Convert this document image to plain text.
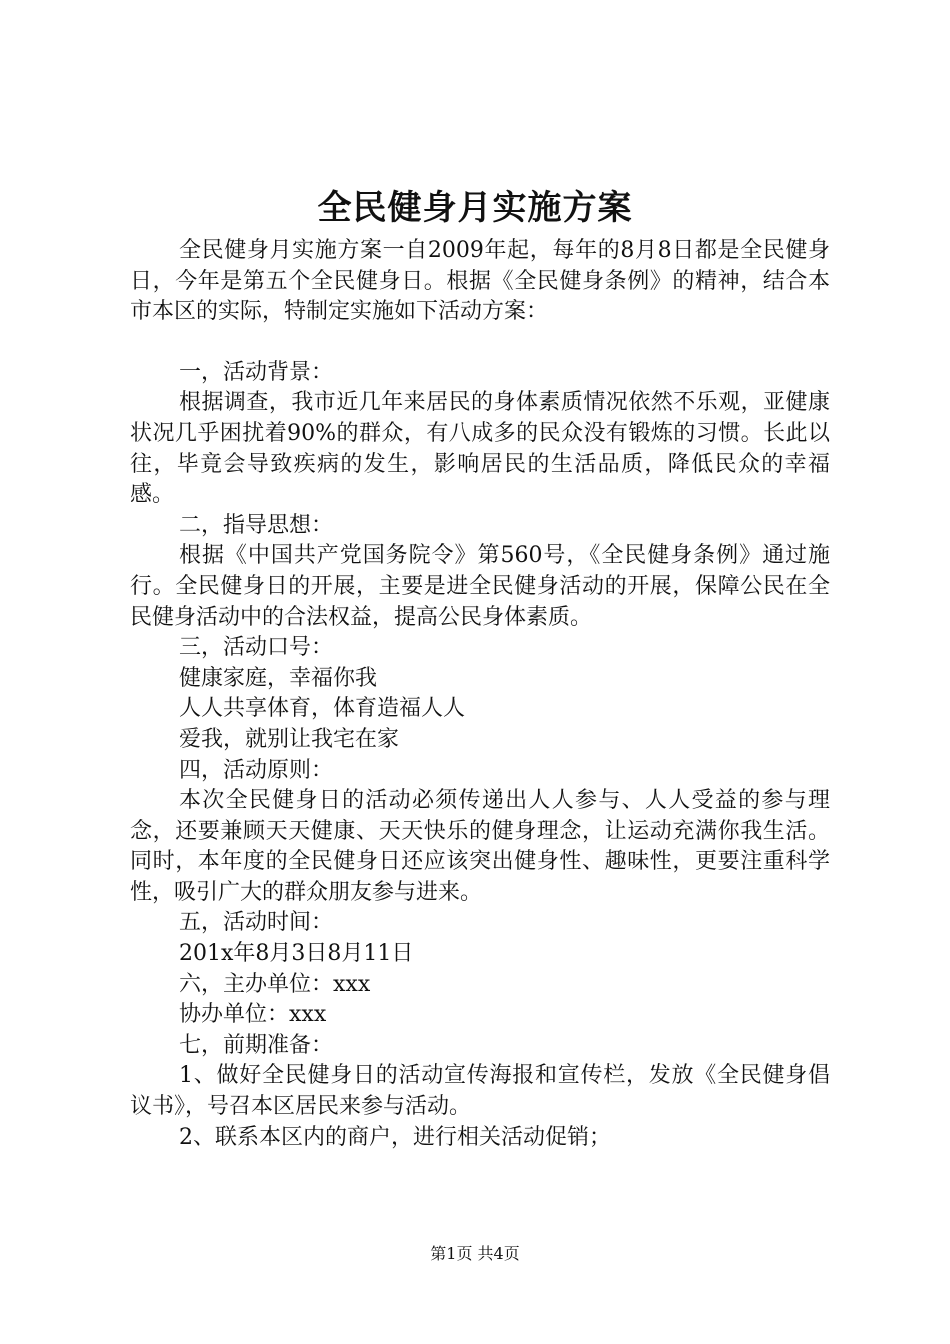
全民健身月实施方案

全民健身月实施方案一自2009年起，每年的8月8日都是全民健身日，今年是第五个全民健身日。根据《全民健身条例》的精神，结合本市本区的实际，特制定实施如下活动方案：

一，活动背景：

根据调查，我市近几年来居民的身体素质情况依然不乐观，亚健康状况几乎困扰着90%的群众，有八成多的民众没有锻炼的习惯。长此以往，毕竟会导致疾病的发生，影响居民的生活品质，降低民众的幸福感。

二，指导思想：

根据《中国共产党国务院令》第560号，《全民健身条例》通过施行。全民健身日的开展，主要是进全民健身活动的开展，保障公民在全民健身活动中的合法权益，提高公民身体素质。

三，活动口号：

健康家庭，幸福你我

人人共享体育，体育造福人人

爱我，就别让我宅在家

四，活动原则：

本次全民健身日的活动必须传递出人人参与、人人受益的参与理念，还要兼顾天天健康、天天快乐的健身理念，让运动充满你我生活。同时，本年度的全民健身日还应该突出健身性、趣味性，更要注重科学性，吸引广大的群众朋友参与进来。

五，活动时间：

201x年8月3日8月11日

六，主办单位：xxx

协办单位：xxx

七，前期准备：

1、做好全民健身日的活动宣传海报和宣传栏，发放《全民健身倡议书》，号召本区居民来参与活动。

2、联系本区内的商户，进行相关活动促销；

第1页 共4页
